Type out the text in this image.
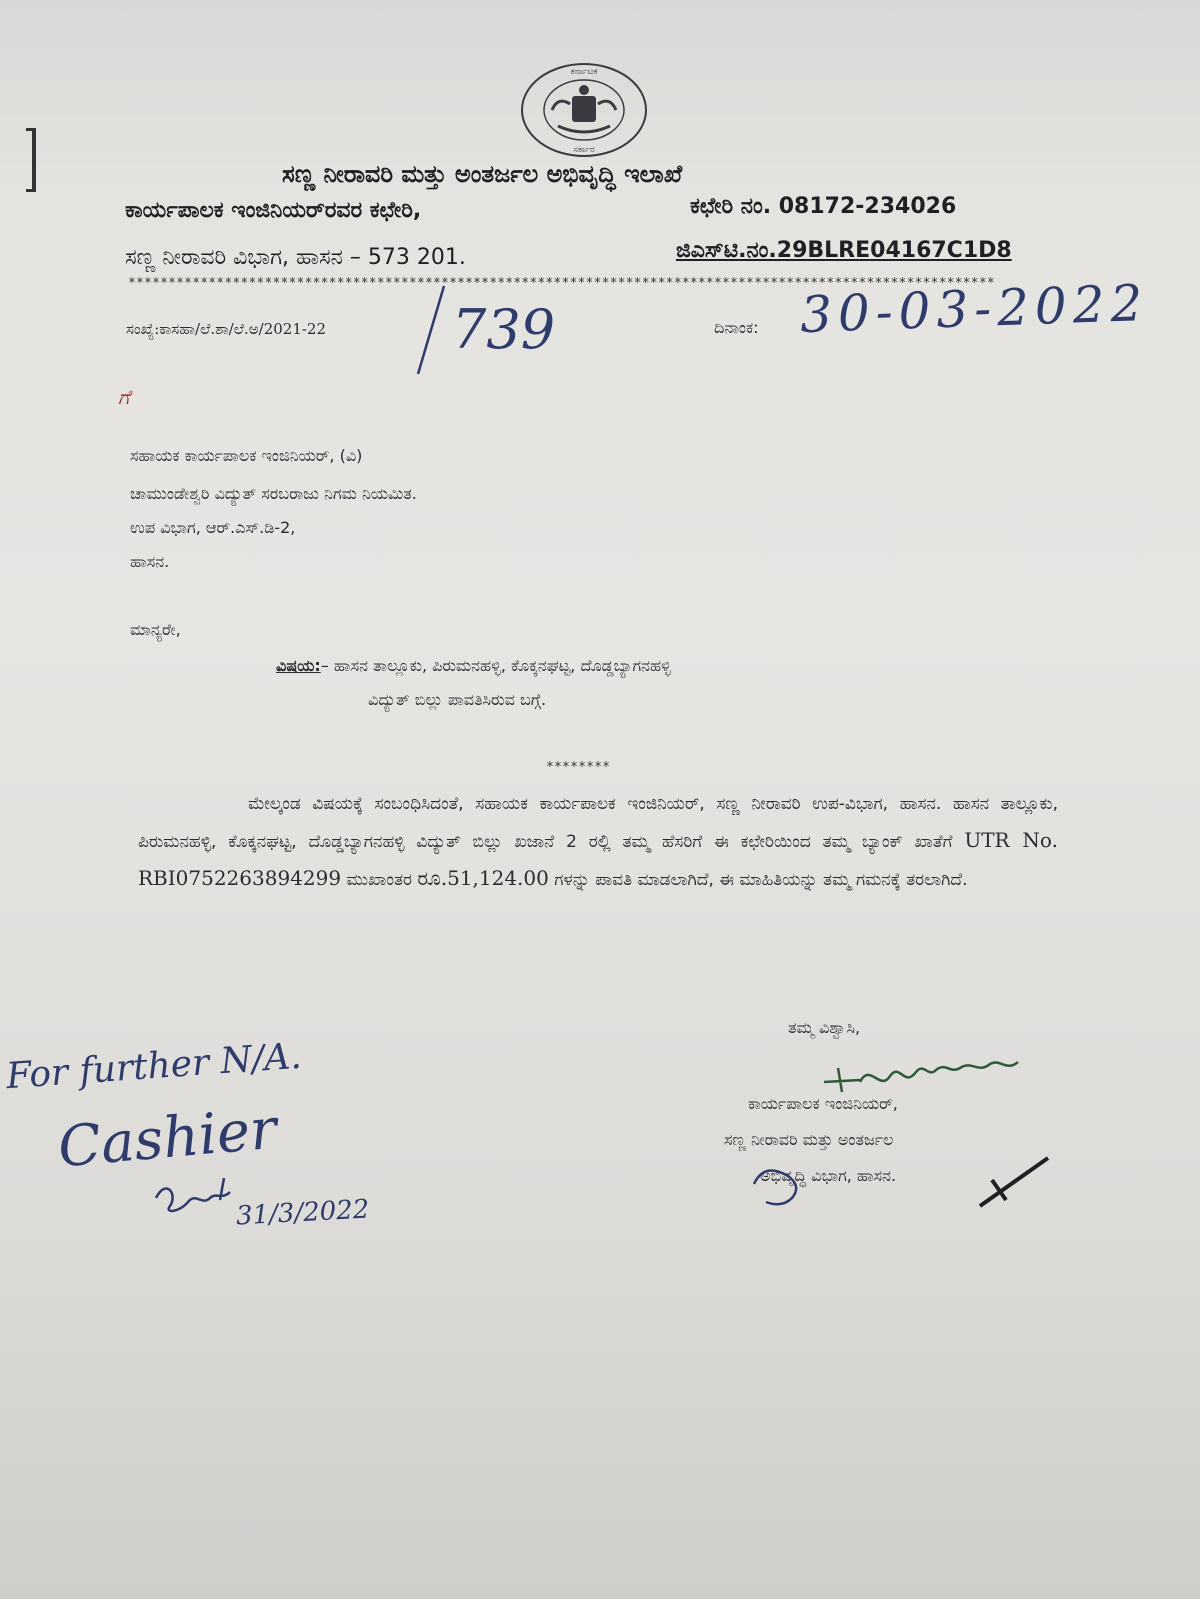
ಕರ್ನಾಟಕ
ಸರ್ಕಾರ
ಸಣ್ಣ ನೀರಾವರಿ ಮತ್ತು ಅಂತರ್ಜಲ ಅಭಿವೃದ್ಧಿ ಇಲಾಖೆ
ಕಾರ್ಯಪಾಲಕ ಇಂಜಿನಿಯರ್‌ರವರ ಕಛೇರಿ,	ಕಛೇರಿ ನಂ. 08172-234026
ಸಣ್ಣ ನೀರಾವರಿ ವಿಭಾಗ, ಹಾಸನ – 573 201.	ಜಿಎಸ್‌ಟಿ.ನಂ.29BLRE04167C1D8
************************************************************************************************************
ಸಂಖ್ಯೆ:ಕಾಸಹಾ/ಲೆ.ಶಾ/ಲೆ.ಅ/2021-22 739	ದಿನಾಂಕ: 30-03-2022
ಗೆ
ಸಹಾಯಕ ಕಾರ್ಯಪಾಲಕ ಇಂಜಿನಿಯರ್, (ವಿ)
ಚಾಮುಂಡೇಶ್ವರಿ ವಿದ್ಯುತ್ ಸರಬರಾಜು ನಿಗಮ ನಿಯಮಿತ.
ಉಪ ವಿಭಾಗ, ಆರ್.ಎಸ್.ಡಿ-2,
ಹಾಸನ.
ಮಾನ್ಯರೇ,
ವಿಷಯ:– ಹಾಸನ ತಾಲ್ಲೂಕು, ಪಿರುಮನಹಳ್ಳಿ, ಕೊಕ್ಕನಘಟ್ಟ, ದೊಡ್ಡಬ್ಯಾಗನಹಳ್ಳಿ
ವಿದ್ಯುತ್ ಬಿಲ್ಲು ಪಾವತಿಸಿರುವ ಬಗ್ಗೆ.
********
ಮೇಲ್ಕಂಡ ವಿಷಯಕ್ಕೆ ಸಂಬಂಧಿಸಿದಂತೆ, ಸಹಾಯಕ ಕಾರ್ಯಪಾಲಕ ಇಂಜಿನಿಯರ್, ಸಣ್ಣ ನೀರಾವರಿ ಉಪ-ವಿಭಾಗ, ಹಾಸನ. ಹಾಸನ ತಾಲ್ಲೂಕು, ಪಿರುಮನಹಳ್ಳಿ, ಕೊಕ್ಕನಘಟ್ಟ, ದೊಡ್ಡಬ್ಯಾಗನಹಳ್ಳಿ ವಿದ್ಯುತ್ ಬಿಲ್ಲು ಖಜಾನೆ 2 ರಲ್ಲಿ ತಮ್ಮ ಹೆಸರಿಗೆ ಈ ಕಛೇರಿಯಿಂದ ತಮ್ಮ ಬ್ಯಾಂಕ್ ಖಾತೆಗೆ UTR No. RBI0752263894299 ಮುಖಾಂತರ ರೂ.51,124.00 ಗಳನ್ನು ಪಾವತಿ ಮಾಡಲಾಗಿದೆ, ಈ ಮಾಹಿತಿಯನ್ನು ತಮ್ಮ ಗಮನಕ್ಕೆ ತರಲಾಗಿದೆ.
ತಮ್ಮ ವಿಶ್ವಾಸಿ,
ಕಾರ್ಯಪಾಲಕ ಇಂಜಿನಿಯರ್,
ಸಣ್ಣ ನೀರಾವರಿ ಮತ್ತು ಅಂತರ್ಜಲ
ಅಭಿವೃದ್ಧಿ ವಿಭಾಗ, ಹಾಸನ.
For further N/A.
Cashier
31/3/2022
